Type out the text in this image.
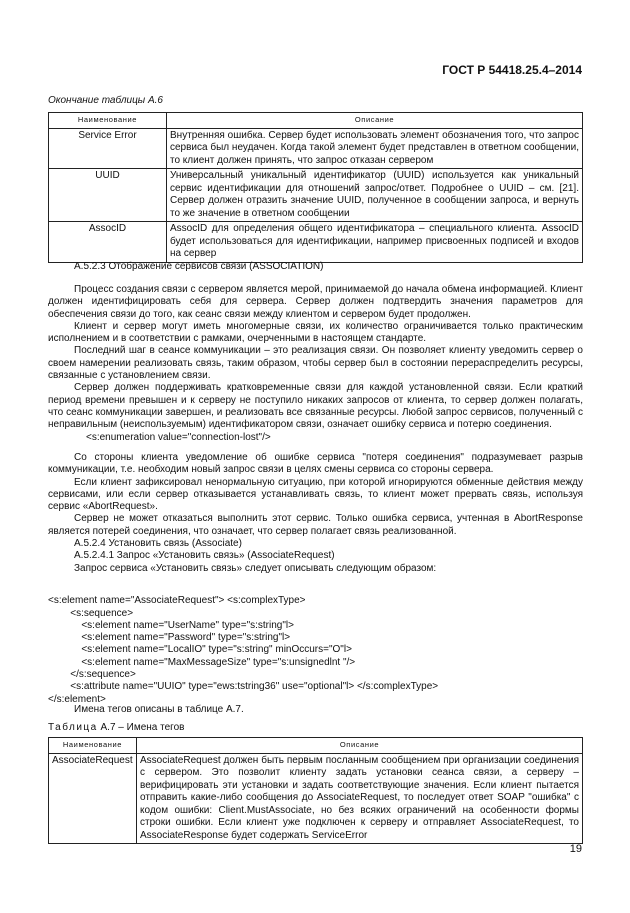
ГОСТ Р 54418.25.4–2014
Окончание таблицы А.6
Наименование	Описание
Service Error	Внутренняя ошибка. Сервер будет использовать элемент обозначения того, что запрос сервиса был неудачен. Когда такой элемент будет представлен в ответном сообщении, то клиент должен принять, что запрос отказан сервером
UUID	Универсальный уникальный идентификатор (UUID) используется как уникальный сервис идентификации для отношений запрос/ответ. Подробнее о UUID – см. [21]. Сервер должен отразить значение UUID, полученное в сообщении запроса, и вернуть то же значение в ответном сообщении
AssocID	AssocID для определения общего идентификатора – специального клиента. AssocID будет использоваться для идентификации, например присвоенных подписей и входов на сервер

А.5.2.3 Отображение сервисов связи (ASSOCIATION)

Процесс создания связи с сервером является мерой, принимаемой до начала обмена информацией. Клиент должен идентифицировать себя для сервера. Сервер должен подтвердить значения параметров для обеспечения связи до того, как сеанс связи между клиентом и сервером будет продолжен.

Клиент и сервер могут иметь многомерные связи, их количество ограничивается только практическим исполнением и в соответствии с рамками, очерченными в настоящем стандарте.

Последний шаг в сеансе коммуникации – это реализация связи. Он позволяет клиенту уведомить сервер о своем намерении реализовать связь, таким образом, чтобы сервер был в состоянии перераспределить ресурсы, связанные с установлением связи.

Сервер должен поддерживать кратковременные связи для каждой установленной связи. Если краткий период времени превышен и к серверу не поступило никаких запросов от клиента, то сервер должен полагать, что сеанс коммуникации завершен, и реализовать все связанные ресурсы. Любой запрос сервисов, полученный с неправильным (неиспользуемым) идентификатором связи, означает ошибку сервиса и потерю соединения.

<s:enumeration value="connection-lost"/>

Со стороны клиента уведомление об ошибке сервиса "потеря соединения" подразумевает разрыв коммуникации, т.е. необходим новый запрос связи в целях смены сервиса со стороны сервера.

Если клиент зафиксировал ненормальную ситуацию, при которой игнорируются обменные действия между сервисами, или если сервер отказывается устанавливать связь, то клиент может прервать связь, используя сервис «AbortRequest».

Сервер не может отказаться выполнить этот сервис. Только ошибка сервиса, учтенная в AbortResponse является потерей соединения, что означает, что сервер полагает связь реализованной.

А.5.2.4 Установить связь (Associate)

А.5.2.4.1 Запрос «Установить связь» (AssociateRequest)

Запрос сервиса «Установить связь» следует описывать следующим образом:

<s:element name="AssociateRequest"> <s:complexType>
<s:sequence>
<s:element name="UserName" type="s:string"l>
<s:element name="Password" type="s:string"l>
<s:element name="LocalIO" type="s:string" minOccurs="O"l>
<s:element name="MaxMessageSize" type="s:unsignedlnt "/>
</s:sequence>
<s:attribute name="UUIO" type="ews:tstring36" use="optional"l> </s:complexType>
</s:element>

Имена тегов описаны в таблице А.7.

Таблица А.7 – Имена тегов
Наименование	Описание
AssociateRequest	AssociateRequest должен быть первым посланным сообщением при организации соединения с сервером. Это позволит клиенту задать установки сеанса связи, а серверу – верифицировать эти установки и задать соответствующие значения. Если клиент пытается отправить какие-либо сообщения до AssociateRequest, то последует ответ SOAP "ошибка" с кодом ошибки: Client.MustAssociate, но без всяких ограничений на особенности формы строки ошибки. Если клиент уже подключен к серверу и отправляет AssociateRequest, то AssociateResponse будет содержать ServiceError
19
